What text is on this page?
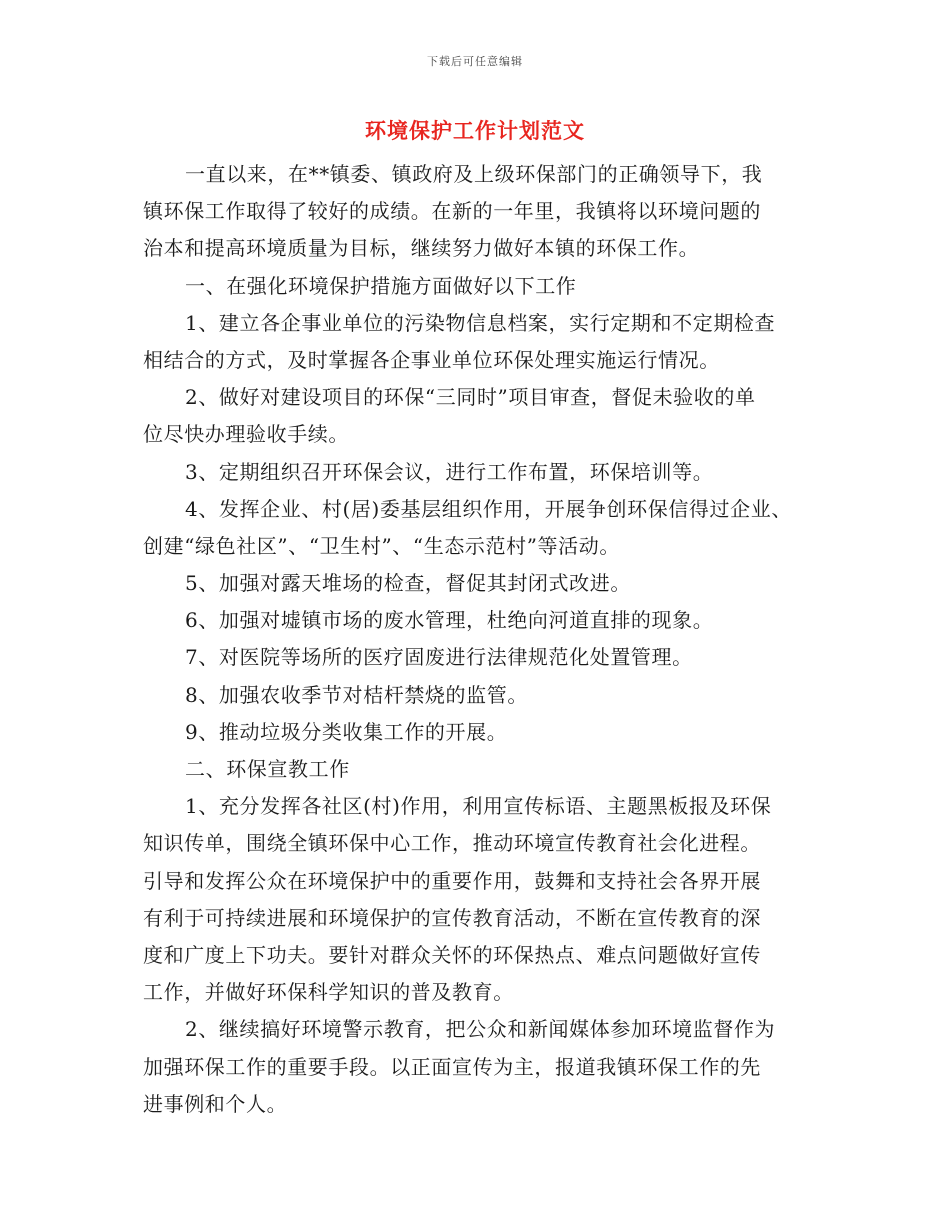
下载后可任意编辑
环境保护工作计划范文
一直以来，在**镇委、镇政府及上级环保部门的正确领导下，我
镇环保工作取得了较好的成绩。在新的一年里，我镇将以环境问题的
治本和提高环境质量为目标，继续努力做好本镇的环保工作。
一、在强化环境保护措施方面做好以下工作
1、建立各企事业单位的污染物信息档案，实行定期和不定期检查
相结合的方式，及时掌握各企事业单位环保处理实施运行情况。
2、做好对建设项目的环保“三同时”项目审查，督促未验收的单
位尽快办理验收手续。
3、定期组织召开环保会议，进行工作布置，环保培训等。
4、发挥企业、村(居)委基层组织作用，开展争创环保信得过企业、
创建“绿色社区”、“卫生村”、“生态示范村”等活动。
5、加强对露天堆场的检查，督促其封闭式改进。
6、加强对墟镇市场的废水管理，杜绝向河道直排的现象。
7、对医院等场所的医疗固废进行法律规范化处置管理。
8、加强农收季节对桔杆禁烧的监管。
9、推动垃圾分类收集工作的开展。
二、环保宣教工作
1、充分发挥各社区(村)作用，利用宣传标语、主题黑板报及环保
知识传单，围绕全镇环保中心工作，推动环境宣传教育社会化进程。
引导和发挥公众在环境保护中的重要作用，鼓舞和支持社会各界开展
有利于可持续进展和环境保护的宣传教育活动，不断在宣传教育的深
度和广度上下功夫。要针对群众关怀的环保热点、难点问题做好宣传
工作，并做好环保科学知识的普及教育。
2、继续搞好环境警示教育，把公众和新闻媒体参加环境监督作为
加强环保工作的重要手段。以正面宣传为主，报道我镇环保工作的先
进事例和个人。
